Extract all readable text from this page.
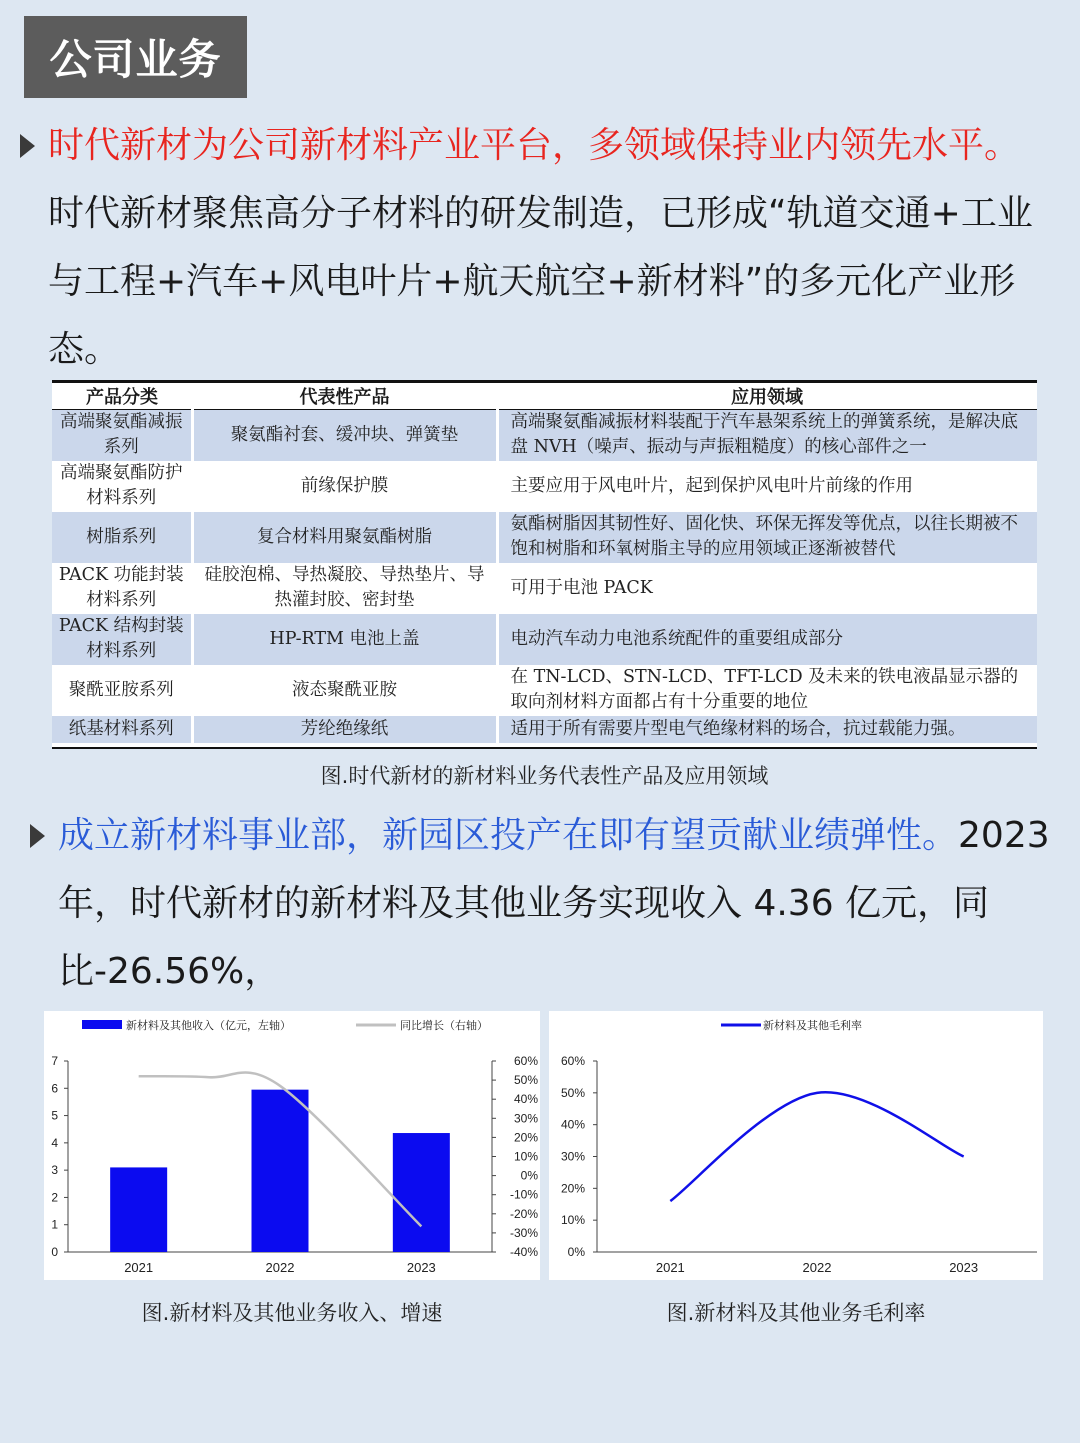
公司业务
时代新材为公司新材料产业平台，多领域保持业内领先水平。时代新材聚焦高分子材料的研发制造，已形成“轨道交通+工业与工程+汽车+风电叶片+航天航空+新材料”的多元化产业形态。
产品分类	代表性产品	应用领域
高端聚氨酯减振系列	聚氨酯衬套、缓冲块、弹簧垫	高端聚氨酯减振材料装配于汽车悬架系统上的弹簧系统，是解决底盘 NVH（噪声、振动与声振粗糙度）的核心部件之一
高端聚氨酯防护材料系列	前缘保护膜	主要应用于风电叶片，起到保护风电叶片前缘的作用
树脂系列	复合材料用聚氨酯树脂	氨酯树脂因其韧性好、固化快、环保无挥发等优点，以往长期被不饱和树脂和环氧树脂主导的应用领域正逐渐被替代
PACK 功能封装材料系列	硅胶泡棉、导热凝胶、导热垫片、导热灌封胶、密封垫	可用于电池 PACK
PACK 结构封装材料系列	HP-RTM 电池上盖	电动汽车动力电池系统配件的重要组成部分
聚酰亚胺系列	液态聚酰亚胺	在 TN-LCD、STN-LCD、TFT-LCD 及未来的铁电液晶显示器的取向剂材料方面都占有十分重要的地位
纸基材料系列	芳纶绝缘纸	适用于所有需要片型电气绝缘材料的场合，抗过载能力强。
图.时代新材的新材料业务代表性产品及应用领域
成立新材料事业部，新园区投产在即有望贡献业绩弹性。2023 年，时代新材的新材料及其他业务实现收入 4.36 亿元，同比-26.56%，
新材料及其他收入（亿元，左轴）	同比增长（右轴）
0
1
2
3
4
5
6
7
-40%
-30%
-20%
-10%
0%
10%
20%
30%
40%
50%
60%
2021	2022	2023
图.新材料及其他业务收入、增速
新材料及其他毛利率
0%
10%
20%
30%
40%
50%
60%
2021	2022	2023
图.新材料及其他业务毛利率
